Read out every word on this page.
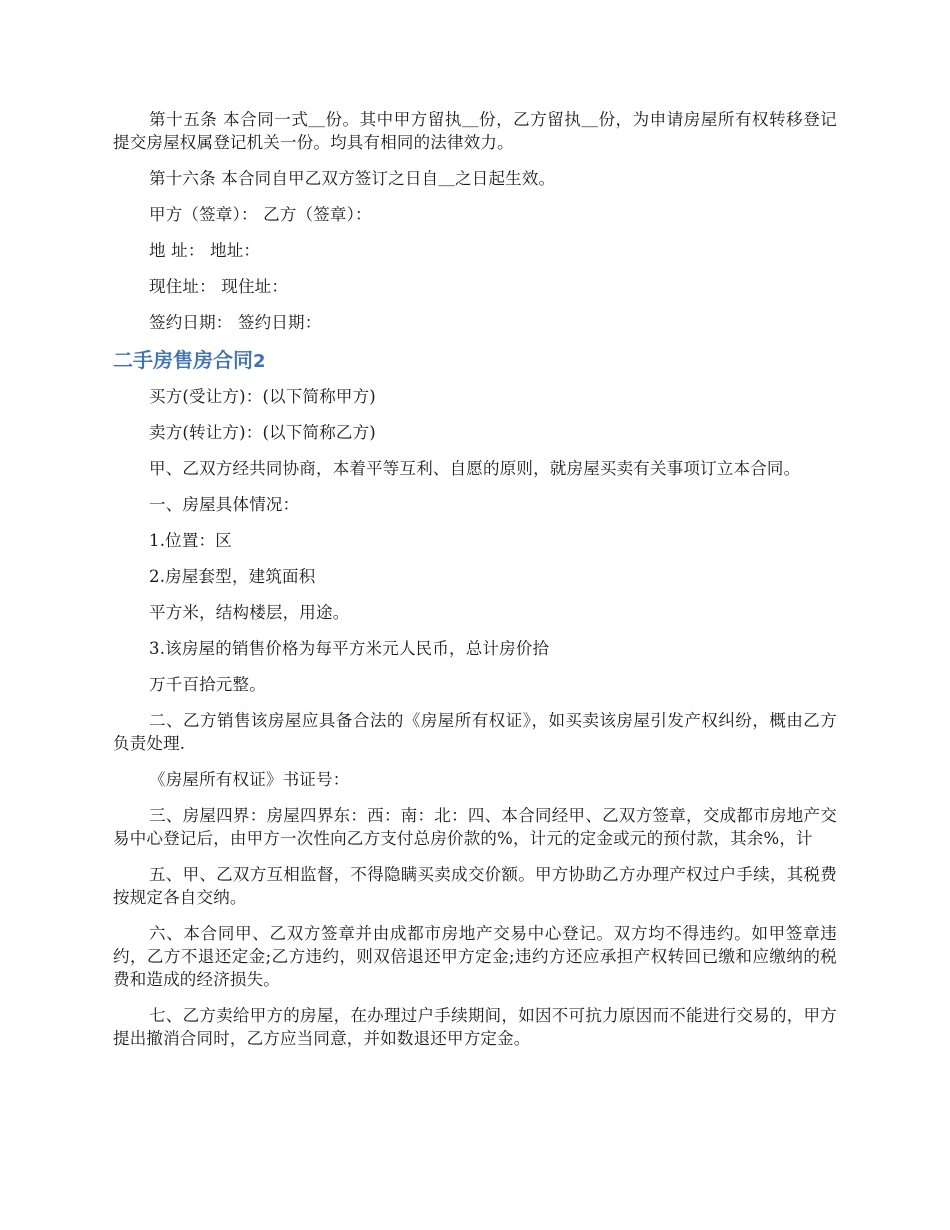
第十五条 本合同一式＿份。其中甲方留执＿份，乙方留执＿份，为申请房屋所有权转移登记提交房屋权属登记机关一份。均具有相同的法律效力。

第十六条 本合同自甲乙双方签订之日自＿之日起生效。

甲方（签章）： 乙方（签章）：

地 址： 地址：

现住址： 现住址：

签约日期： 签约日期：

二手房售房合同2

买方(受让方)：(以下简称甲方)

卖方(转让方)：(以下简称乙方)

甲、乙双方经共同协商，本着平等互利、自愿的原则，就房屋买卖有关事项订立本合同。

一、房屋具体情况：

1.位置：区

2.房屋套型，建筑面积

平方米，结构楼层，用途。

3.该房屋的销售价格为每平方米元人民币，总计房价拾

万千百拾元整。

二、乙方销售该房屋应具备合法的《房屋所有权证》，如买卖该房屋引发产权纠纷，概由乙方负责处理.

《房屋所有权证》书证号：

三、房屋四界：房屋四界东：西：南：北：四、本合同经甲、乙双方签章，交成都市房地产交易中心登记后，由甲方一次性向乙方支付总房价款的%，计元的定金或元的预付款，其余%，计

五、甲、乙双方互相监督，不得隐瞒买卖成交价额。甲方协助乙方办理产权过户手续，其税费按规定各自交纳。

六、本合同甲、乙双方签章并由成都市房地产交易中心登记。双方均不得违约。如甲签章违约，乙方不退还定金;乙方违约，则双倍退还甲方定金;违约方还应承担产权转回已缴和应缴纳的税费和造成的经济损失。

七、乙方卖给甲方的房屋，在办理过户手续期间，如因不可抗力原因而不能进行交易的，甲方提出撤消合同时，乙方应当同意，并如数退还甲方定金。
